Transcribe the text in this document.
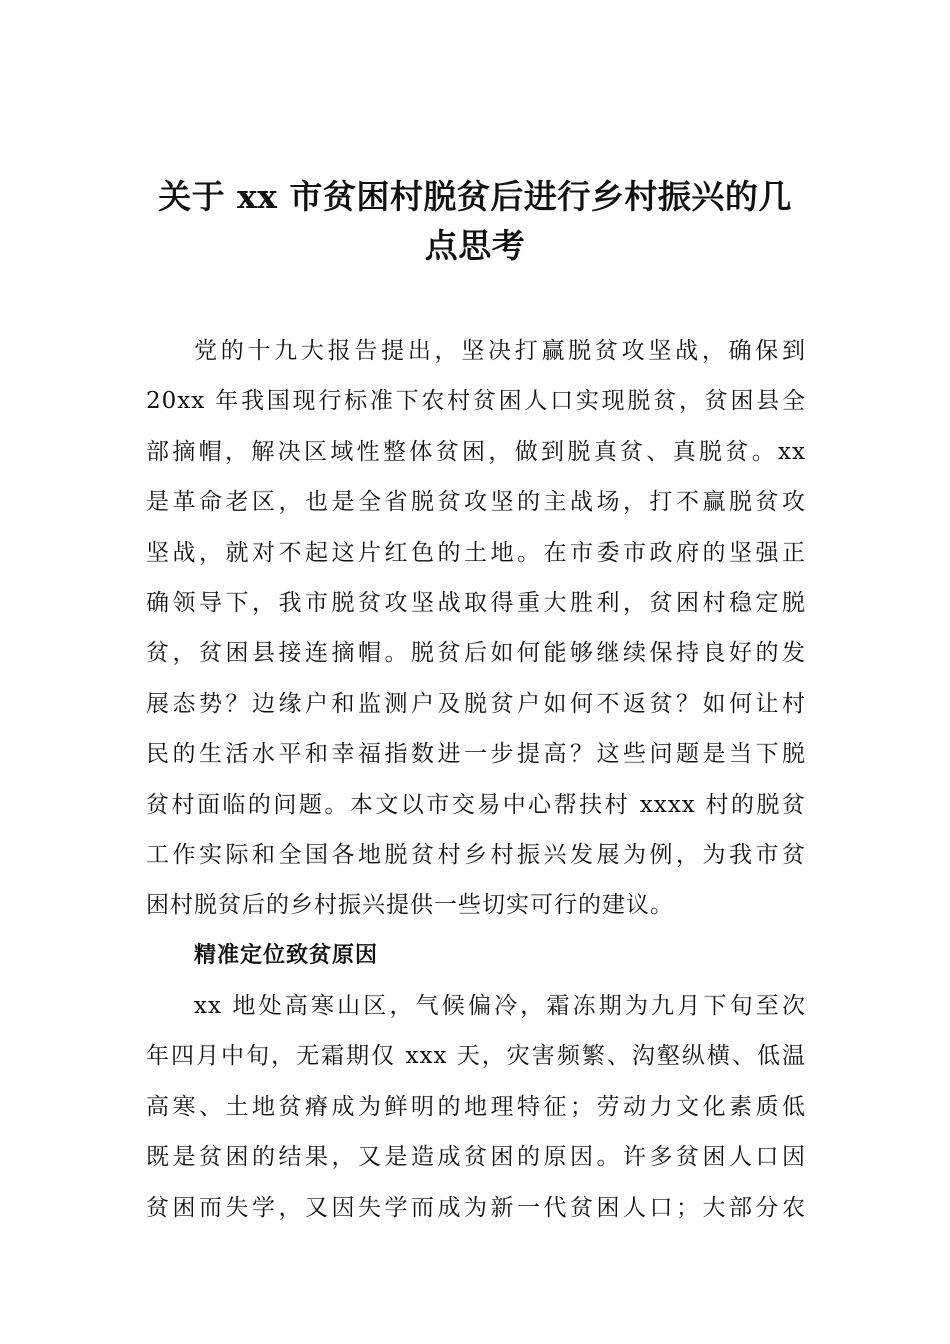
关于 xx 市贫困村脱贫后进行乡村振兴的几
点思考
党的十九大报告提出，坚决打赢脱贫攻坚战，确保到
20xx 年我国现行标准下农村贫困人口实现脱贫，贫困县全
部摘帽，解决区域性整体贫困，做到脱真贫、真脱贫。xx
是革命老区，也是全省脱贫攻坚的主战场，打不赢脱贫攻
坚战，就对不起这片红色的土地。在市委市政府的坚强正
确领导下，我市脱贫攻坚战取得重大胜利，贫困村稳定脱
贫，贫困县接连摘帽。脱贫后如何能够继续保持良好的发
展态势？边缘户和监测户及脱贫户如何不返贫？如何让村
民的生活水平和幸福指数进一步提高？这些问题是当下脱
贫村面临的问题。本文以市交易中心帮扶村 xxxx 村的脱贫
工作实际和全国各地脱贫村乡村振兴发展为例，为我市贫
困村脱贫后的乡村振兴提供一些切实可行的建议。
精准定位致贫原因
xx 地处高寒山区，气候偏冷，霜冻期为九月下旬至次
年四月中旬，无霜期仅 xxx 天，灾害频繁、沟壑纵横、低温
高寒、土地贫瘠成为鲜明的地理特征；劳动力文化素质低
既是贫困的结果，又是造成贫困的原因。许多贫困人口因
贫困而失学，又因失学而成为新一代贫困人口；大部分农
